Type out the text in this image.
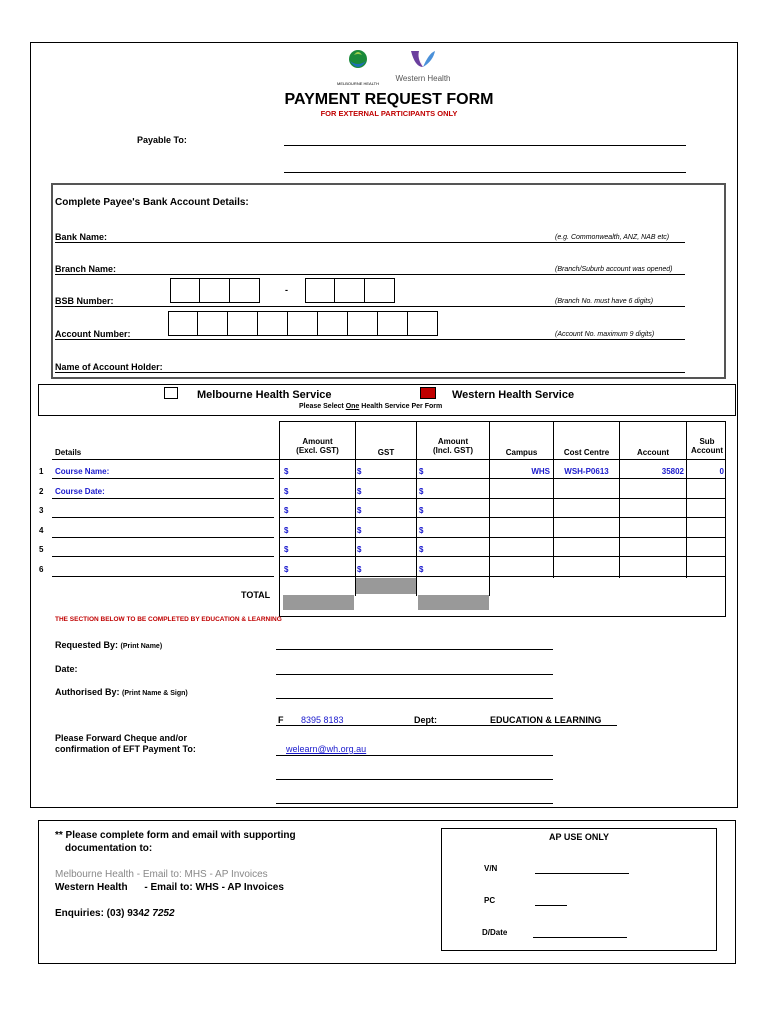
MELBOURNE HEALTH
Western Health
PAYMENT REQUEST FORM
FOR EXTERNAL PARTICIPANTS ONLY
Payable To:
Complete Payee's Bank Account Details:
Bank Name:	(e.g. Commonwealth, ANZ, NAB etc)
Branch Name:	(Branch/Suburb account was opened)
BSB Number:
-
(Branch No. must have 6 digits)
Account Number:	(Account No. maximum 9 digits)
Name of Account Holder:
Melbourne Health Service	Western Health Service
Please Select One Health Service Per Form
Details
Amount
(Excl. GST)	GST
Amount
(Incl. GST)	Campus	Cost Centre	Account
Sub
Account
1 Course Name:	$	$	$	WHS	WSH-P0613	35802	0
2 Course Date:	$	$	$
3	$	$	$
4	$	$	$
5	$	$	$
6	$	$	$
TOTAL
THE SECTION BELOW TO BE COMPLETED BY EDUCATION & LEARNING
Requested By: (Print Name)
Date:
Authorised By: (Print Name & Sign)
F 8395 8183	Dept:	EDUCATION & LEARNING
Please Forward Cheque and/or
confirmation of EFT Payment To:	welearn@wh.org.au
** Please complete form and email with supporting
documentation to:
Melbourne Health - Email to: MHS - AP Invoices
Western Health - Email to: WHS - AP Invoices
Enquiries: (03) 9342 7252
AP USE ONLY
V/N
PC
D/Date
